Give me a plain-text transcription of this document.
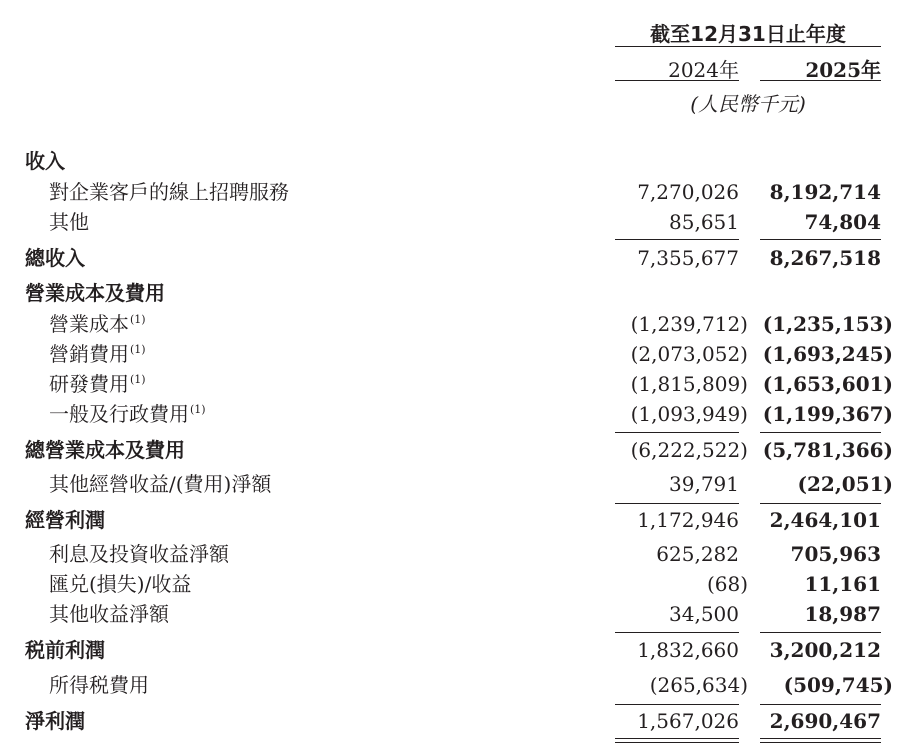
截至12月31日止年度
2024年	2025年
(人民幣千元)
收入
對企業客戶的線上招聘服務	7,270,026	8,192,714
其他	85,651	74,804
總收入	7,355,677	8,267,518
營業成本及費用
營業成本$^{(1)}$	(1,239,712) (1,235,153)
營銷費用$^{(1)}$	(2,073,052) (1,693,245)
研發費用$^{(1)}$	(1,815,809) (1,653,601)
一般及行政費用$^{(1)}$	(1,093,949) (1,199,367)
總營業成本及費用	(6,222,522) (5,781,366)
其他經營收益/(費用)淨額	39,791	(22,051)
經營利潤	1,172,946	2,464,101
利息及投資收益淨額	625,282	705,963
匯兑(損失)/收益	(68)	11,161
其他收益淨額	34,500	18,987
税前利潤	1,832,660	3,200,212
所得税費用	(265,634)	(509,745)
淨利潤	1,567,026	2,690,467
